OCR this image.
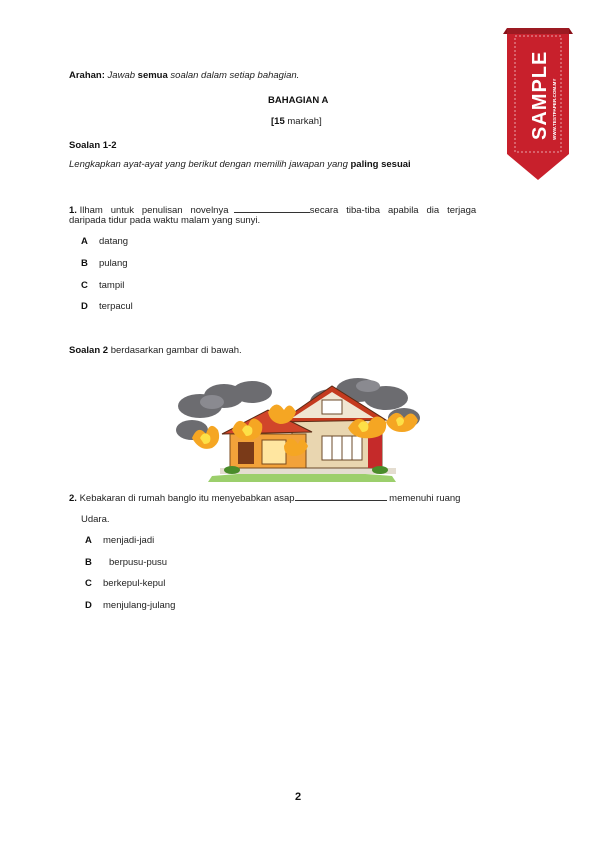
SAMPLE WWW.TESTPAPER.COM.MY
Arahan: Jawab semua soalan dalam setiap bahagian.
BAHAGIAN A
[15 markah]
Soalan 1-2
Lengkapkan ayat-ayat yang berikut dengan memilih jawapan yang paling sesuai
1. Ilham   untuk   penulisan   novelnya	secara   tiba-tiba   apabila   dia   terjaga
daripada tidur pada waktu malam yang sunyi.
A datang
B pulang
C tampil
D terpacul
Soalan 2 berdasarkan gambar di bawah.
2. Kebakaran di rumah banglo itu menyebabkan asap	memenuhi ruang
Udara.
A menjadi-jadi
B berpusu-pusu
C berkepul-kepul
D menjulang-julang
2
